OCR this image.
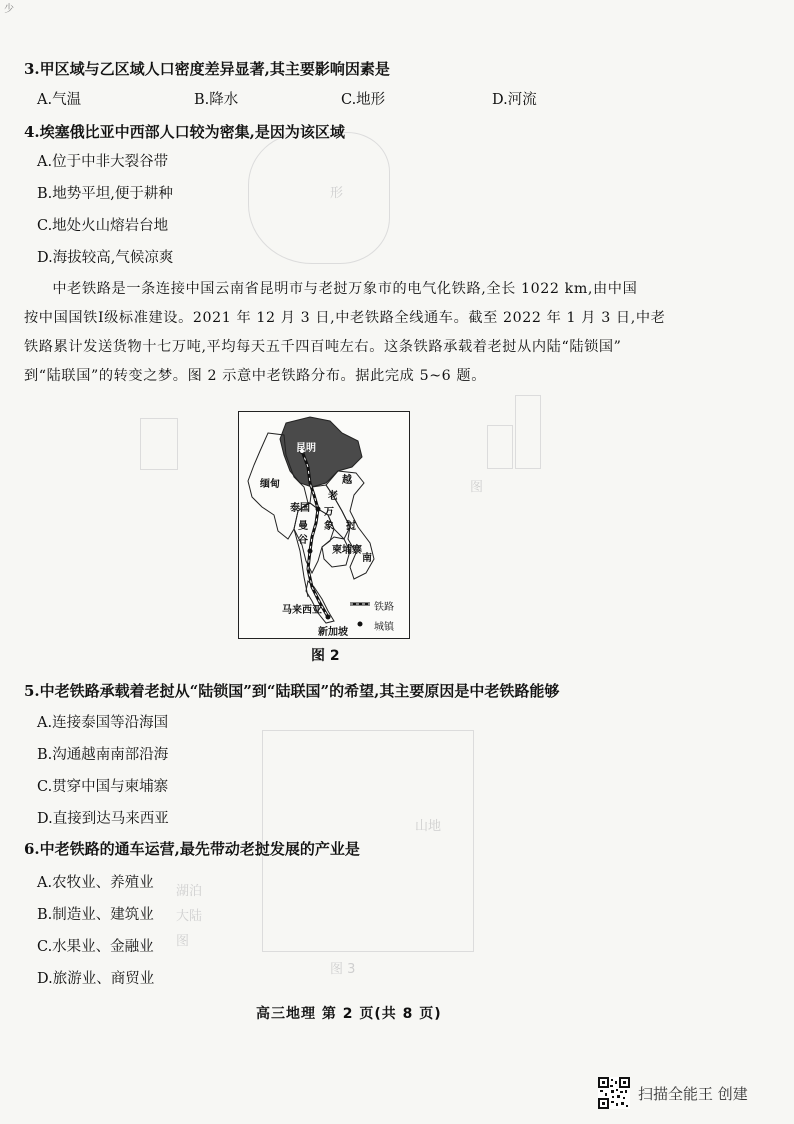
形
图
山地
湖泊
大陆
图
图 3
少
3.甲区域与乙区域人口密度差异显著,其主要影响因素是
A.气温	B.降水	C.地形	D.河流
4.埃塞俄比亚中西部人口较为密集,是因为该区域
A.位于中非大裂谷带
B.地势平坦,便于耕种
C.地处火山熔岩台地
D.海拔较高,气候凉爽
中老铁路是一条连接中国云南省昆明市与老挝万象市的电气化铁路,全长 1022 km,由中国
按中国国铁Ⅰ级标准建设。2021 年 12 月 3 日,中老铁路全线通车。截至 2022 年 1 月 3 日,中老
铁路累计发送货物十七万吨,平均每天五千四百吨左右。这条铁路承载着老挝从内陆“陆锁国”
到“陆联国”的转变之梦。图 2 示意中老铁路分布。据此完成 5~6 题。
昆明
缅甸	越
老
泰国 万
象
曼
谷
挝
柬埔寨
南
马来西亚
新加坡
铁路
城镇
图 2
5.中老铁路承载着老挝从“陆锁国”到“陆联国”的希望,其主要原因是中老铁路能够
A.连接泰国等沿海国
B.沟通越南南部沿海
C.贯穿中国与柬埔寨
D.直接到达马来西亚
6.中老铁路的通车运营,最先带动老挝发展的产业是
A.农牧业、养殖业
B.制造业、建筑业
C.水果业、金融业
D.旅游业、商贸业
高三地理 第 2 页(共 8 页)
扫描全能王 创建
